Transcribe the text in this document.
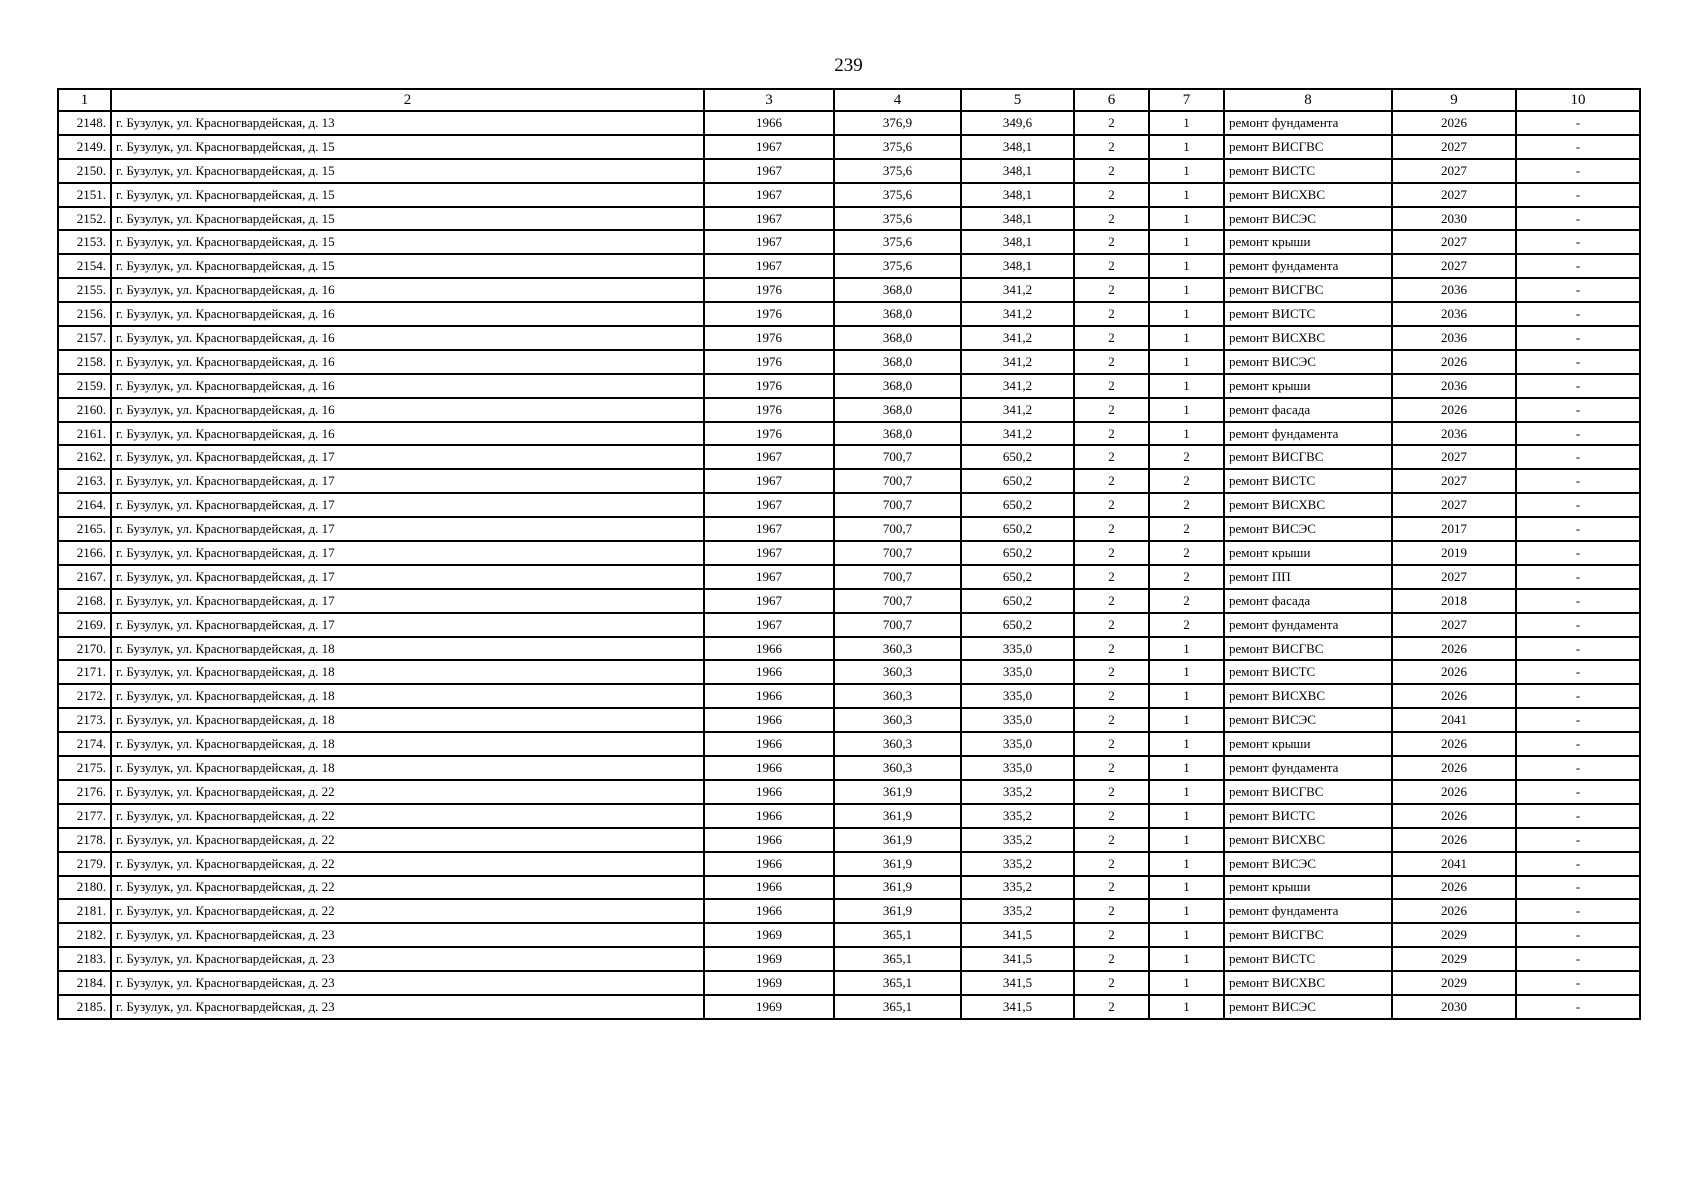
239
1	2	3	4	5	6	7	8	9	10
2148.	г. Бузулук, ул. Красногвардейская, д. 13	1966	376,9	349,6	2	1	ремонт фундамента	2026	-
2149.	г. Бузулук, ул. Красногвардейская, д. 15	1967	375,6	348,1	2	1	ремонт ВИСГВС	2027	-
2150.	г. Бузулук, ул. Красногвардейская, д. 15	1967	375,6	348,1	2	1	ремонт ВИСТС	2027	-
2151.	г. Бузулук, ул. Красногвардейская, д. 15	1967	375,6	348,1	2	1	ремонт ВИСХВС	2027	-
2152.	г. Бузулук, ул. Красногвардейская, д. 15	1967	375,6	348,1	2	1	ремонт ВИСЭС	2030	-
2153.	г. Бузулук, ул. Красногвардейская, д. 15	1967	375,6	348,1	2	1	ремонт крыши	2027	-
2154.	г. Бузулук, ул. Красногвардейская, д. 15	1967	375,6	348,1	2	1	ремонт фундамента	2027	-
2155.	г. Бузулук, ул. Красногвардейская, д. 16	1976	368,0	341,2	2	1	ремонт ВИСГВС	2036	-
2156.	г. Бузулук, ул. Красногвардейская, д. 16	1976	368,0	341,2	2	1	ремонт ВИСТС	2036	-
2157.	г. Бузулук, ул. Красногвардейская, д. 16	1976	368,0	341,2	2	1	ремонт ВИСХВС	2036	-
2158.	г. Бузулук, ул. Красногвардейская, д. 16	1976	368,0	341,2	2	1	ремонт ВИСЭС	2026	-
2159.	г. Бузулук, ул. Красногвардейская, д. 16	1976	368,0	341,2	2	1	ремонт крыши	2036	-
2160.	г. Бузулук, ул. Красногвардейская, д. 16	1976	368,0	341,2	2	1	ремонт фасада	2026	-
2161.	г. Бузулук, ул. Красногвардейская, д. 16	1976	368,0	341,2	2	1	ремонт фундамента	2036	-
2162.	г. Бузулук, ул. Красногвардейская, д. 17	1967	700,7	650,2	2	2	ремонт ВИСГВС	2027	-
2163.	г. Бузулук, ул. Красногвардейская, д. 17	1967	700,7	650,2	2	2	ремонт ВИСТС	2027	-
2164.	г. Бузулук, ул. Красногвардейская, д. 17	1967	700,7	650,2	2	2	ремонт ВИСХВС	2027	-
2165.	г. Бузулук, ул. Красногвардейская, д. 17	1967	700,7	650,2	2	2	ремонт ВИСЭС	2017	-
2166.	г. Бузулук, ул. Красногвардейская, д. 17	1967	700,7	650,2	2	2	ремонт крыши	2019	-
2167.	г. Бузулук, ул. Красногвардейская, д. 17	1967	700,7	650,2	2	2	ремонт ПП	2027	-
2168.	г. Бузулук, ул. Красногвардейская, д. 17	1967	700,7	650,2	2	2	ремонт фасада	2018	-
2169.	г. Бузулук, ул. Красногвардейская, д. 17	1967	700,7	650,2	2	2	ремонт фундамента	2027	-
2170.	г. Бузулук, ул. Красногвардейская, д. 18	1966	360,3	335,0	2	1	ремонт ВИСГВС	2026	-
2171.	г. Бузулук, ул. Красногвардейская, д. 18	1966	360,3	335,0	2	1	ремонт ВИСТС	2026	-
2172.	г. Бузулук, ул. Красногвардейская, д. 18	1966	360,3	335,0	2	1	ремонт ВИСХВС	2026	-
2173.	г. Бузулук, ул. Красногвардейская, д. 18	1966	360,3	335,0	2	1	ремонт ВИСЭС	2041	-
2174.	г. Бузулук, ул. Красногвардейская, д. 18	1966	360,3	335,0	2	1	ремонт крыши	2026	-
2175.	г. Бузулук, ул. Красногвардейская, д. 18	1966	360,3	335,0	2	1	ремонт фундамента	2026	-
2176.	г. Бузулук, ул. Красногвардейская, д. 22	1966	361,9	335,2	2	1	ремонт ВИСГВС	2026	-
2177.	г. Бузулук, ул. Красногвардейская, д. 22	1966	361,9	335,2	2	1	ремонт ВИСТС	2026	-
2178.	г. Бузулук, ул. Красногвардейская, д. 22	1966	361,9	335,2	2	1	ремонт ВИСХВС	2026	-
2179.	г. Бузулук, ул. Красногвардейская, д. 22	1966	361,9	335,2	2	1	ремонт ВИСЭС	2041	-
2180.	г. Бузулук, ул. Красногвардейская, д. 22	1966	361,9	335,2	2	1	ремонт крыши	2026	-
2181.	г. Бузулук, ул. Красногвардейская, д. 22	1966	361,9	335,2	2	1	ремонт фундамента	2026	-
2182.	г. Бузулук, ул. Красногвардейская, д. 23	1969	365,1	341,5	2	1	ремонт ВИСГВС	2029	-
2183.	г. Бузулук, ул. Красногвардейская, д. 23	1969	365,1	341,5	2	1	ремонт ВИСТС	2029	-
2184.	г. Бузулук, ул. Красногвардейская, д. 23	1969	365,1	341,5	2	1	ремонт ВИСХВС	2029	-
2185.	г. Бузулук, ул. Красногвардейская, д. 23	1969	365,1	341,5	2	1	ремонт ВИСЭС	2030	-
